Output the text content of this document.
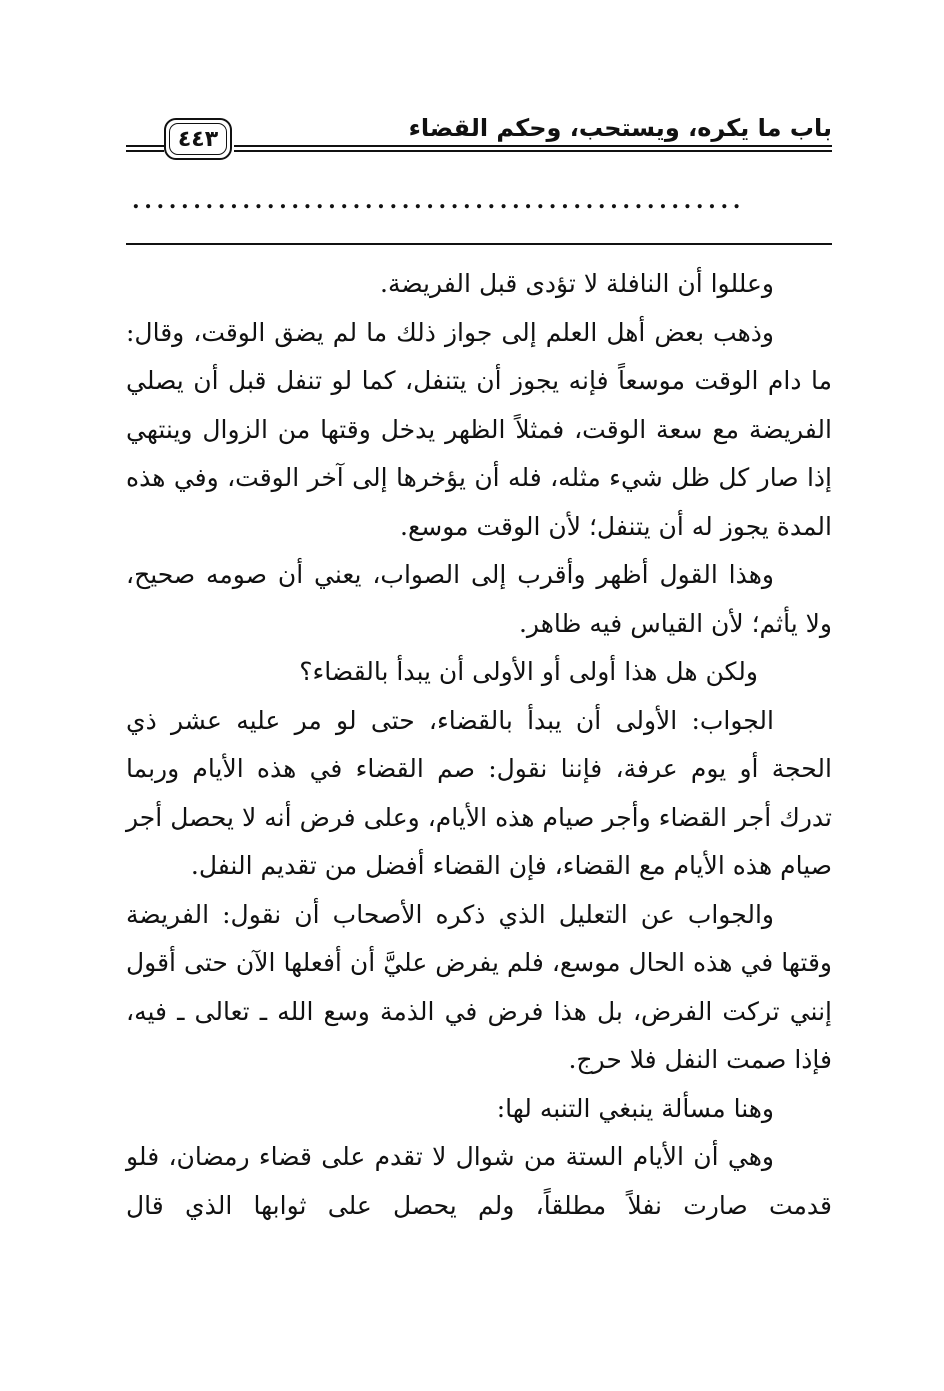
٤٤٣	باب ما يكره، ويستحب، وحكم القضاء
..................................................

وعللوا أن النافلة لا تؤدى قبل الفريضة.

وذهب بعض أهل العلم إلى جواز ذلك ما لم يضق الوقت، وقال: ما دام الوقت موسعاً فإنه يجوز أن يتنفل، كما لو تنفل قبل أن يصلي الفريضة مع سعة الوقت، فمثلاً الظهر يدخل وقتها من الزوال وينتهي إذا صار كل ظل شيء مثله، فله أن يؤخرها إلى آخر الوقت، وفي هذه المدة يجوز له أن يتنفل؛ لأن الوقت موسع.

وهذا القول أظهر وأقرب إلى الصواب، يعني أن صومه صحيح، ولا يأثم؛ لأن القياس فيه ظاهر.

ولكن هل هذا أولى أو الأولى أن يبدأ بالقضاء؟

الجواب: الأولى أن يبدأ بالقضاء، حتى لو مر عليه عشر ذي الحجة أو يوم عرفة، فإننا نقول: صم القضاء في هذه الأيام وربما تدرك أجر القضاء وأجر صيام هذه الأيام، وعلى فرض أنه لا يحصل أجر صيام هذه الأيام مع القضاء، فإن القضاء أفضل من تقديم النفل.

والجواب عن التعليل الذي ذكره الأصحاب أن نقول: الفريضة وقتها في هذه الحال موسع، فلم يفرض عليَّ أن أفعلها الآن حتى أقول إنني تركت الفرض، بل هذا فرض في الذمة وسع الله ـ تعالى ـ فيه، فإذا صمت النفل فلا حرج.

وهنا مسألة ينبغي التنبه لها:

وهي أن الأيام الستة من شوال لا تقدم على قضاء رمضان، فلو قدمت صارت نفلاً مطلقاً، ولم يحصل على ثوابها الذي قال
